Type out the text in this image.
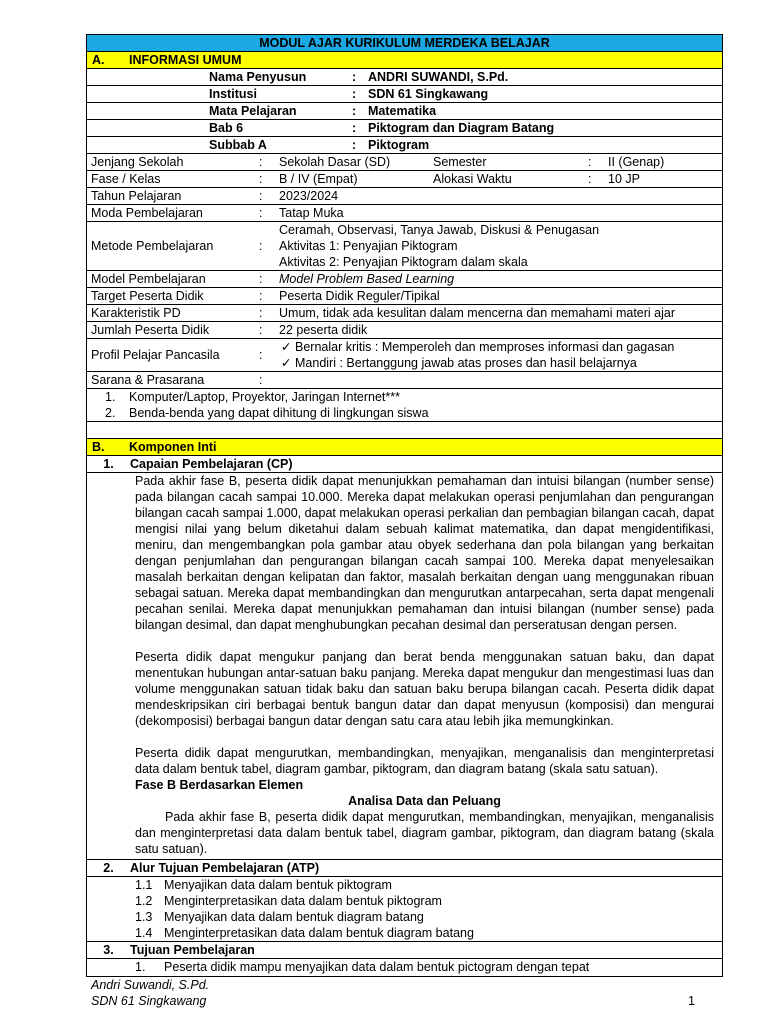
MODUL AJAR KURIKULUM MERDEKA BELAJAR
A.	INFORMASI UMUM
Nama Penyusun	: ANDRI SUWANDI, S.Pd.
Institusi	: SDN 61 Singkawang
Mata Pelajaran	: Matematika
Bab 6	: Piktogram dan Diagram Batang
Subbab A	: Piktogram
Jenjang Sekolah	:	Sekolah Dasar (SD)	Semester	:	II (Genap)
Fase / Kelas	:	B / IV (Empat)	Alokasi Waktu	:	10 JP
Tahun Pelajaran	:	2023/2024
Moda Pembelajaran	:	Tatap Muka
Metode Pembelajaran	:
Ceramah, Observasi, Tanya Jawab, Diskusi & Penugasan
Aktivitas 1: Penyajian Piktogram
Aktivitas 2: Penyajian Piktogram dalam skala
Model Pembelajaran	:	Model Problem Based Learning
Target Peserta Didik	:	Peserta Didik Reguler/Tipikal
Karakteristik PD	:	Umum, tidak ada kesulitan dalam mencerna dan memahami materi ajar
Jumlah Peserta Didik	:	22 peserta didik
Profil Pelajar Pancasila	:
✓ Bernalar kritis : Memperoleh dan memproses informasi dan gagasan
✓ Mandiri : Bertanggung jawab atas proses dan hasil belajarnya
Sarana & Prasarana	:
1.	Komputer/Laptop, Proyektor, Jaringan Internet***
2.	Benda-benda yang dapat dihitung di lingkungan siswa
B.	Komponen Inti
1.	Capaian Pembelajaran (CP)

Pada akhir fase B, peserta didik dapat menunjukkan pemahaman dan intuisi bilangan (number sense) pada bilangan cacah sampai 10.000. Mereka dapat melakukan operasi penjumlahan dan pengurangan bilangan cacah sampai 1.000, dapat melakukan operasi perkalian dan pembagian bilangan cacah, dapat mengisi nilai yang belum diketahui dalam sebuah kalimat matematika, dan dapat mengidentifikasi, meniru, dan mengembangkan pola gambar atau obyek sederhana dan pola bilangan yang berkaitan dengan penjumlahan dan pengurangan bilangan cacah sampai 100. Mereka dapat menyelesaikan masalah berkaitan dengan kelipatan dan faktor, masalah berkaitan dengan uang menggunakan ribuan sebagai satuan. Mereka dapat membandingkan dan mengurutkan antarpecahan, serta dapat mengenali pecahan senilai. Mereka dapat menunjukkan pemahaman dan intuisi bilangan (number sense) pada bilangan desimal, dan dapat menghubungkan pecahan desimal dan perseratusan dengan persen.

Peserta didik dapat mengukur panjang dan berat benda menggunakan satuan baku, dan dapat menentukan hubungan antar-satuan baku panjang. Mereka dapat mengukur dan mengestimasi luas dan volume menggunakan satuan tidak baku dan satuan baku berupa bilangan cacah. Peserta didik dapat mendeskripsikan ciri berbagai bentuk bangun datar dan dapat menyusun (komposisi) dan mengurai (dekomposisi) berbagai bangun datar dengan satu cara atau lebih jika memungkinkan.

Peserta didik dapat mengurutkan, membandingkan, menyajikan, menganalisis dan menginterpretasi data dalam bentuk tabel, diagram gambar, piktogram, dan diagram batang (skala satu satuan).

Fase B Berdasarkan Elemen
Analisa Data dan Peluang

Pada akhir fase B, peserta didik dapat mengurutkan, membandingkan, menyajikan, menganalisis dan menginterpretasi data dalam bentuk tabel, diagram gambar, piktogram, dan diagram batang (skala satu satuan).

2.	Alur Tujuan Pembelajaran (ATP)
1.1 Menyajikan data dalam bentuk piktogram
1.2 Menginterpretasikan data dalam bentuk piktogram
1.3 Menyajikan data dalam bentuk diagram batang
1.4 Menginterpretasikan data dalam bentuk diagram batang
3.	Tujuan Pembelajaran
1.	Peserta didik mampu menyajikan data dalam bentuk pictogram dengan tepat
Andri Suwandi, S.Pd.
SDN 61 Singkawang	1
